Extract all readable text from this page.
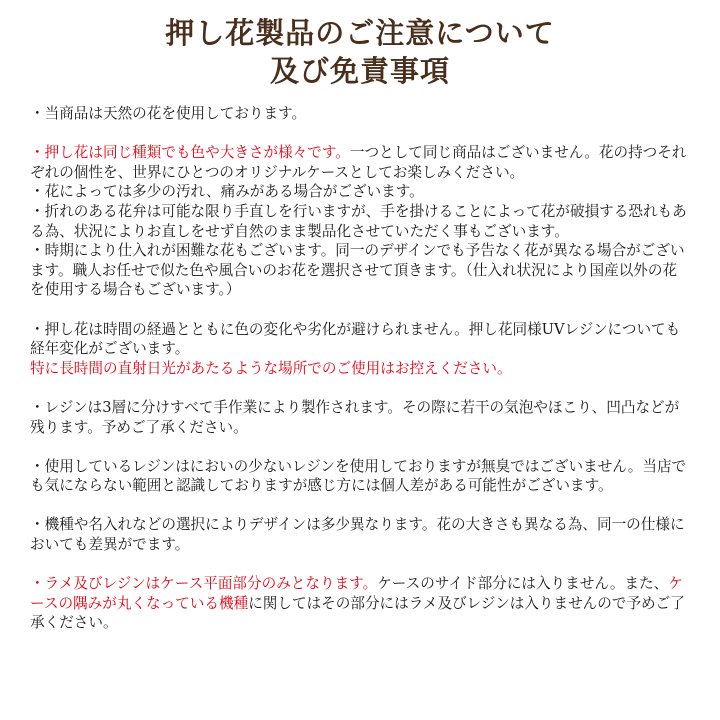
押し花製品のご注意について
及び免責事項

・当商品は天然の花を使用しております。

・押し花は同じ種類でも色や大きさが様々です。一つとして同じ商品はございません。花の持つそれぞれの個性を、世界にひとつのオリジナルケースとしてお楽しみください。

・花によっては多少の汚れ、痛みがある場合がございます。

・折れのある花弁は可能な限り手直しを行いますが、手を掛けることによって花が破損する恐れもある為、状況によりお直しをせず自然のまま製品化させていただく事もございます。

・時期により仕入れが困難な花もございます。同一のデザインでも予告なく花が異なる場合がございます。職人お任せで似た色や風合いのお花を選択させて頂きます。（仕入れ状況により国産以外の花を使用する場合もございます。）

・押し花は時間の経過とともに色の変化や劣化が避けられません。押し花同様UVレジンについても経年変化がございます。
特に長時間の直射日光があたるような場所でのご使用はお控えください。

・レジンは3層に分けすべて手作業により製作されます。その際に若干の気泡やほこり、凹凸などが残ります。予めご了承ください。

・使用しているレジンはにおいの少ないレジンを使用しておりますが無臭ではございません。当店でも気にならない範囲と認識しておりますが感じ方には個人差がある可能性がございます。

・機種や名入れなどの選択によりデザインは多少異なります。花の大きさも異なる為、同一の仕様においても差異がでます。

・ラメ及びレジンはケース平面部分のみとなります。ケースのサイド部分には入りません。また、ケースの隅みが丸くなっている機種に関してはその部分にはラメ及びレジンは入りませんので予めご了承ください。
